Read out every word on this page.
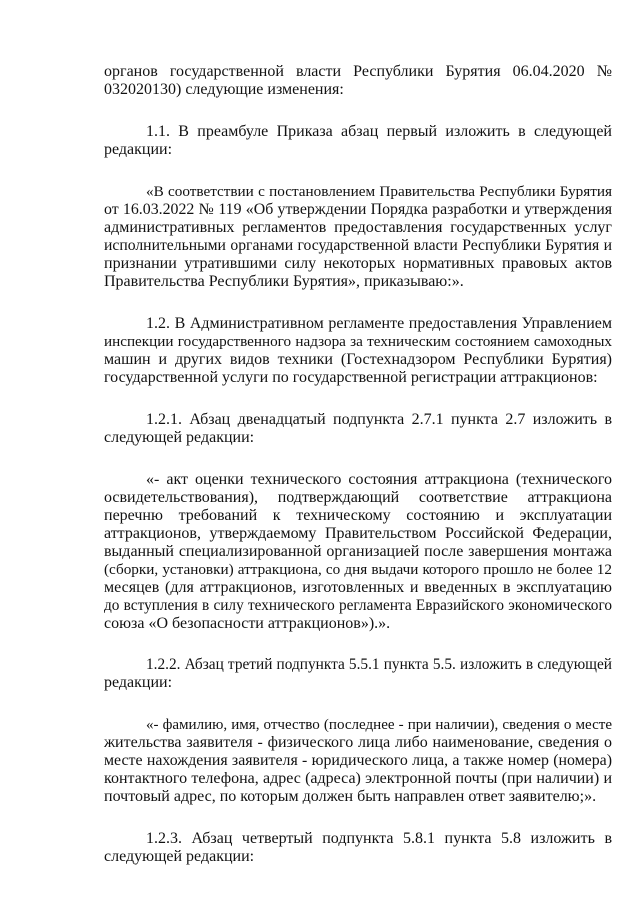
органов государственной власти Республики Бурятия 06.04.2020 №
032020130) следующие изменения:
1.1. В преамбуле Приказа абзац первый изложить в следующей
редакции:
«В соответствии с постановлением Правительства Республики Бурятия
от 16.03.2022 № 119 «Об утверждении Порядка разработки и утверждения
административных регламентов предоставления государственных услуг
исполнительными органами государственной власти Республики Бурятия и
признании утратившими силу некоторых нормативных правовых актов
Правительства Республики Бурятия», приказываю:».
1.2. В Административном регламенте предоставления Управлением
инспекции государственного надзора за техническим состоянием самоходных
машин и других видов техники (Гостехнадзором Республики Бурятия)
государственной услуги по государственной регистрации аттракционов:
1.2.1. Абзац двенадцатый подпункта 2.7.1 пункта 2.7 изложить в
следующей редакции:
«- акт оценки технического состояния аттракциона (технического
освидетельствования), подтверждающий соответствие аттракциона
перечню требований к техническому состоянию и эксплуатации
аттракционов, утверждаемому Правительством Российской Федерации,
выданный специализированной организацией после завершения монтажа
(сборки, установки) аттракциона, со дня выдачи которого прошло не более 12
месяцев (для аттракционов, изготовленных и введенных в эксплуатацию
до вступления в силу технического регламента Евразийского экономического
союза «О безопасности аттракционов»).».
1.2.2. Абзац третий подпункта 5.5.1 пункта 5.5. изложить в следующей
редакции:
«- фамилию, имя, отчество (последнее - при наличии), сведения о месте
жительства заявителя - физического лица либо наименование, сведения о
месте нахождения заявителя - юридического лица, а также номер (номера)
контактного телефона, адрес (адреса) электронной почты (при наличии) и
почтовый адрес, по которым должен быть направлен ответ заявителю;».
1.2.3. Абзац четвертый подпункта 5.8.1 пункта 5.8 изложить в
следующей редакции:
